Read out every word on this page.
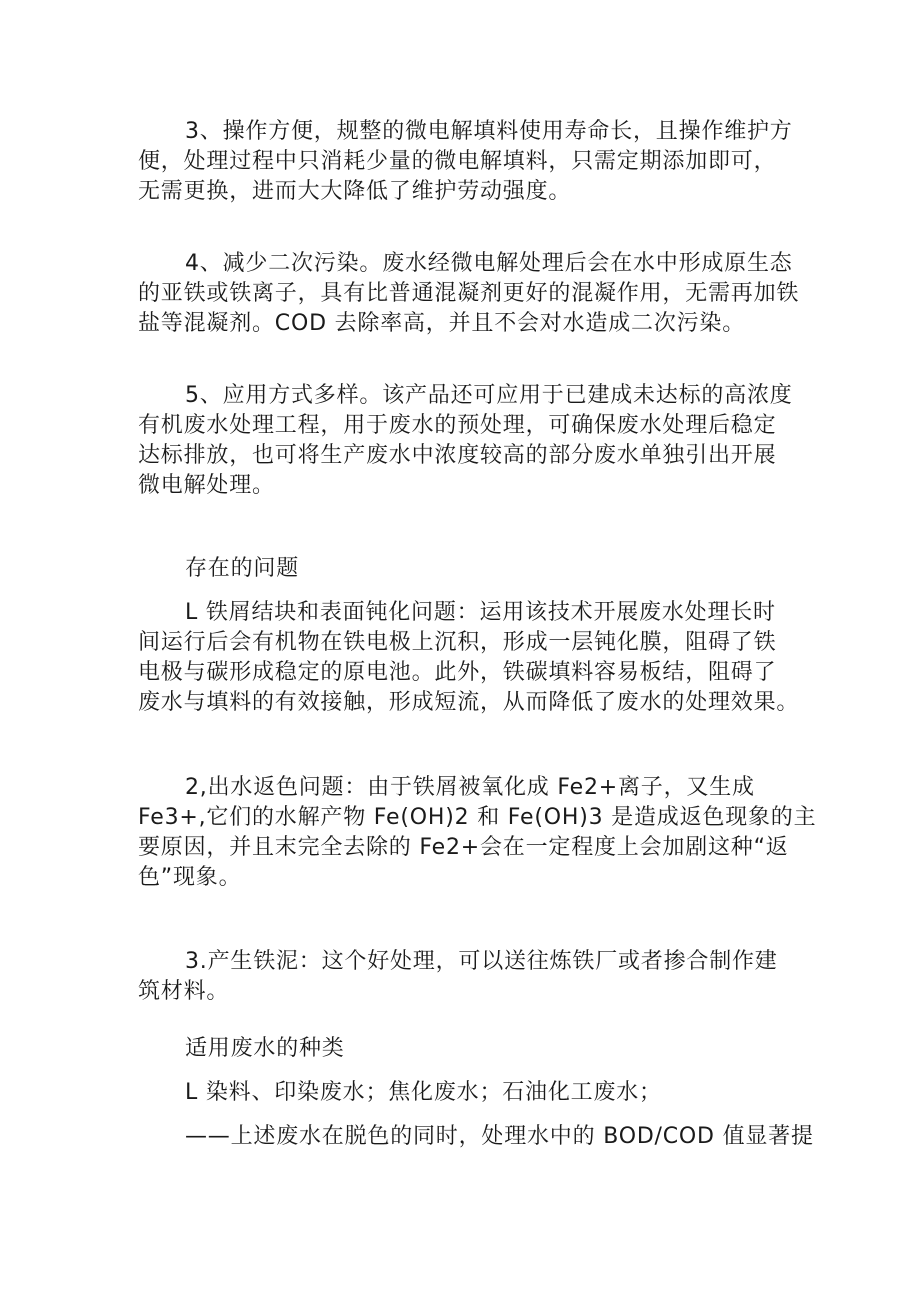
3、操作方便，规整的微电解填料使用寿命长，且操作维护方
便，处理过程中只消耗少量的微电解填料，只需定期添加即可，
无需更换，进而大大降低了维护劳动强度。
4、减少二次污染。废水经微电解处理后会在水中形成原生态
的亚铁或铁离子，具有比普通混凝剂更好的混凝作用，无需再加铁
盐等混凝剂。COD 去除率高，并且不会对水造成二次污染。
5、应用方式多样。该产品还可应用于已建成未达标的高浓度
有机废水处理工程，用于废水的预处理，可确保废水处理后稳定
达标排放，也可将生产废水中浓度较高的部分废水单独引出开展
微电解处理。
存在的问题
L 铁屑结块和表面钝化问题：运用该技术开展废水处理长时
间运行后会有机物在铁电极上沉积，形成一层钝化膜，阻碍了铁
电极与碳形成稳定的原电池。此外，铁碳填料容易板结，阻碍了
废水与填料的有效接触，形成短流，从而降低了废水的处理效果。
2,出水返色问题：由于铁屑被氧化成 Fe2+离子，又生成
Fe3+,它们的水解产物 Fe(OH)2 和 Fe(OH)3 是造成返色现象的主
要原因，并且末完全去除的 Fe2+会在一定程度上会加剧这种“返
色”现象。
3.产生铁泥：这个好处理，可以送往炼铁厂或者掺合制作建
筑材料。
适用废水的种类
L 染料、印染废水；焦化废水；石油化工废水；
——上述废水在脱色的同时，处理水中的 BOD/COD 值显著提
